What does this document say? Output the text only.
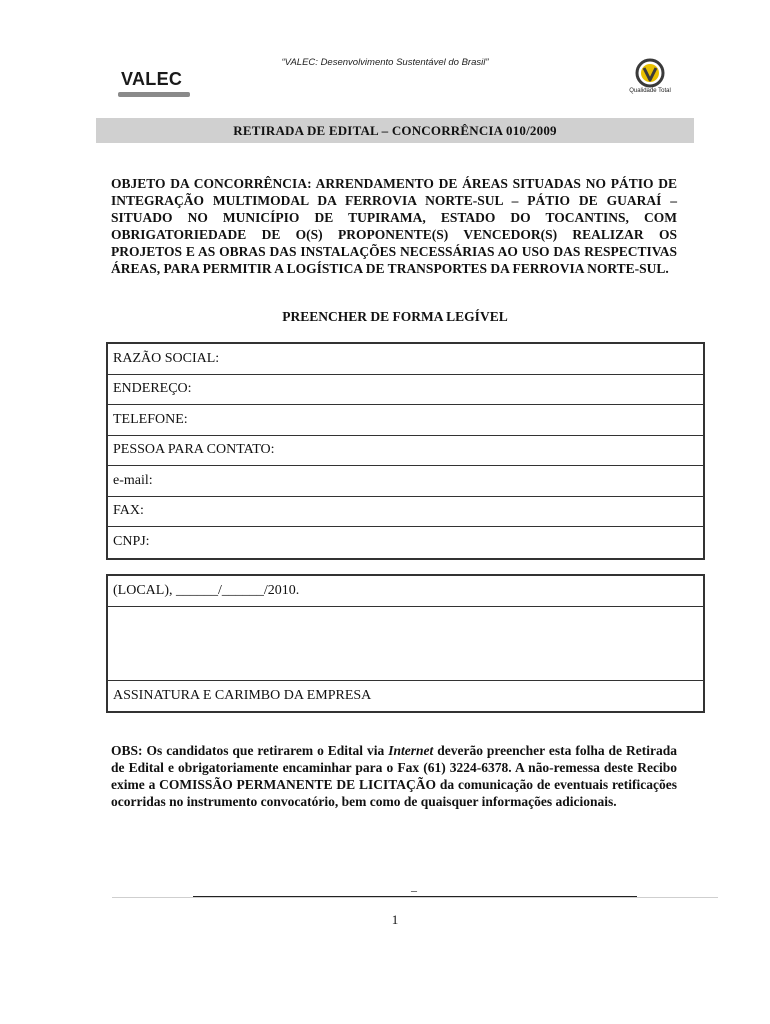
“VALEC: Desenvolvimento Sustentável do Brasil”
VALEC
Qualidade Total
RETIRADA DE EDITAL – CONCORRÊNCIA 010/2009
OBJETO DA CONCORRÊNCIA: ARRENDAMENTO DE ÁREAS SITUADAS NO PÁTIO DE INTEGRAÇÃO MULTIMODAL DA FERROVIA NORTE-SUL – PÁTIO DE GUARAÍ – SITUADO NO MUNICÍPIO DE TUPIRAMA, ESTADO DO TOCANTINS, COM OBRIGATORIEDADE DE O(S) PROPONENTE(S) VENCEDOR(S) REALIZAR OS PROJETOS E AS OBRAS DAS INSTALAÇÕES NECESSÁRIAS AO USO DAS RESPECTIVAS ÁREAS, PARA PERMITIR A LOGÍSTICA DE TRANSPORTES DA FERROVIA NORTE-SUL.
PREENCHER DE FORMA LEGÍVEL
RAZÃO SOCIAL:
ENDEREÇO:
TELEFONE:
PESSOA PARA CONTATO:
e-mail:
FAX:
CNPJ:
(LOCAL), ______/______/2010.
ASSINATURA E CARIMBO DA EMPRESA
OBS: Os candidatos que retirarem o Edital via Internet deverão preencher esta folha de Retirada de Edital e obrigatoriamente encaminhar para o Fax (61) 3224-6378. A não-remessa deste Recibo exime a COMISSÃO PERMANENTE DE LICITAÇÃO da comunicação de eventuais retificações ocorridas no instrumento convocatório, bem como de quaisquer informações adicionais.
–
1
